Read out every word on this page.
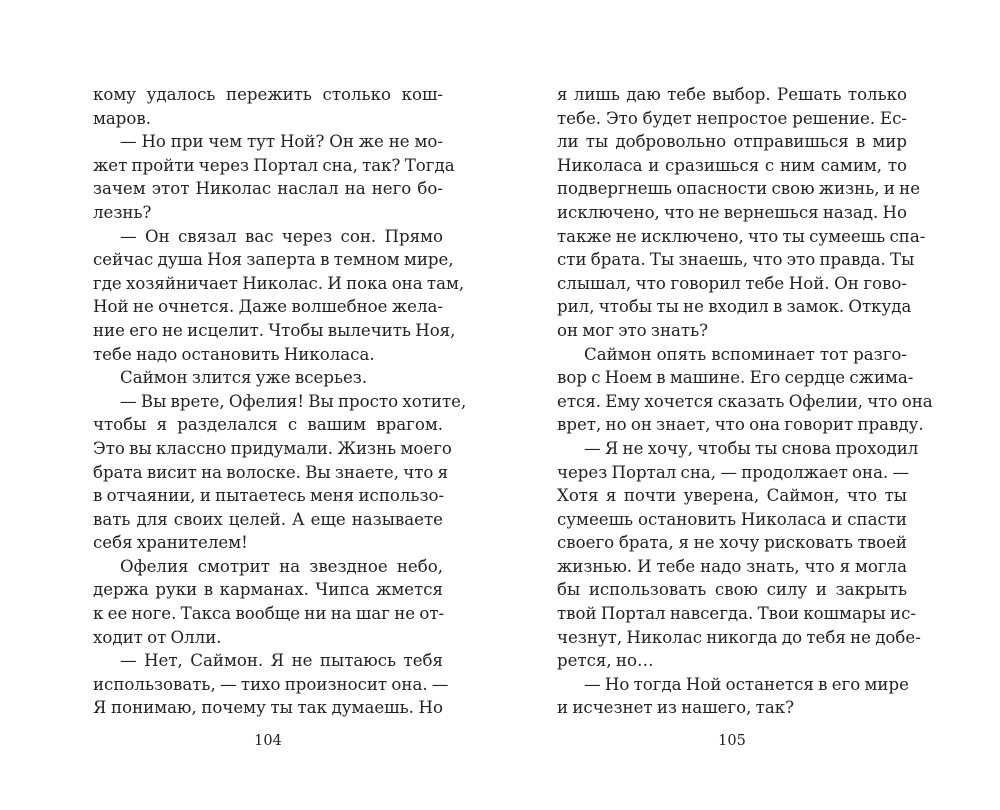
кому удалось пережить столько кош-
маров.
— Но при чем тут Ной? Он же не мо-
жет пройти через Портал сна, так? Тогда
зачем этот Николас наслал на него бо-
лезнь?
— Он связал вас через сон. Прямо
сейчас душа Ноя заперта в темном мире,
где хозяйничает Николас. И пока она там,
Ной не очнется. Даже волшебное жела-
ние его не исцелит. Чтобы вылечить Ноя,
тебе надо остановить Николаса.
Саймон злится уже всерьез.
— Вы врете, Офелия! Вы просто хотите,
чтобы я разделался с вашим врагом.
Это вы классно придумали. Жизнь моего
брата висит на волоске. Вы знаете, что я
в отчаянии, и пытаетесь меня использо-
вать для своих целей. А еще называете
себя хранителем!
Офелия смотрит на звездное небо,
держа руки в карманах. Чипса жмется
к ее ноге. Такса вообще ни на шаг не от-
ходит от Олли.
— Нет, Саймон. Я не пытаюсь тебя
использовать, — тихо произносит она. —
Я понимаю, почему ты так думаешь. Но
я лишь даю тебе выбор. Решать только
тебе. Это будет непростое решение. Ес-
ли ты добровольно отправишься в мир
Николаса и сразишься с ним самим, то
подвергнешь опасности свою жизнь, и не
исключено, что не вернешься назад. Но
также не исключено, что ты сумеешь спа-
сти брата. Ты знаешь, что это правда. Ты
слышал, что говорил тебе Ной. Он гово-
рил, чтобы ты не входил в замок. Откуда
он мог это знать?
Саймон опять вспоминает тот разго-
вор с Ноем в машине. Его сердце сжима-
ется. Ему хочется сказать Офелии, что она
врет, но он знает, что она говорит правду.
— Я не хочу, чтобы ты снова проходил
через Портал сна, — продолжает она. —
Хотя я почти уверена, Саймон, что ты
сумеешь остановить Николаса и спасти
своего брата, я не хочу рисковать твоей
жизнью. И тебе надо знать, что я могла
бы использовать свою силу и закрыть
твой Портал навсегда. Твои кошмары ис-
чезнут, Николас никогда до тебя не добе-
рется, но…
— Но тогда Ной останется в его мире
и исчезнет из нашего, так?
104	105
